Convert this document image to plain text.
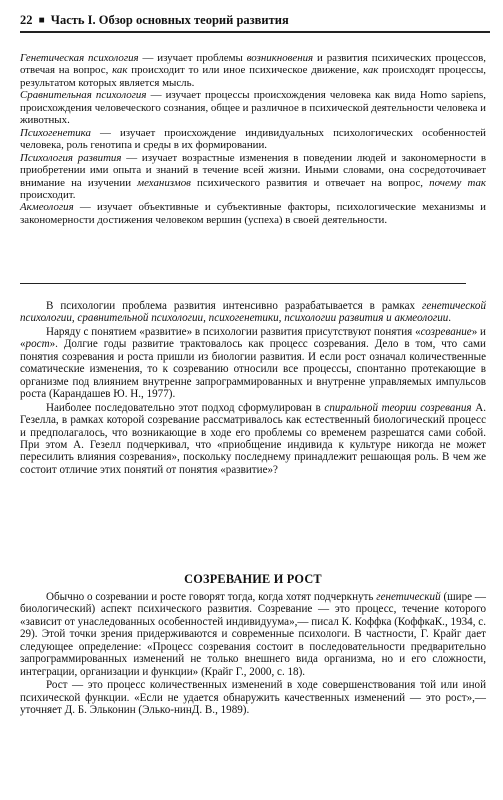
22 ■ Часть I. Обзор основных теорий развития

Генетическая психология — изучает проблемы возникновения и развития психических процессов, отвечая на вопрос, как происходит то или иное психическое движение, как происходят процессы, результатом которых является мысль.

Сравнительная психология — изучает процессы происхождения человека как вида Homo sapiens, происхождения человеческого сознания, общее и различное в психической деятельности человека и животных.

Психогенетика — изучает происхождение индивидуальных психологических особенностей человека, роль генотипа и среды в их формировании.

Психология развития — изучает возрастные изменения в поведении людей и закономерности в приобретении ими опыта и знаний в течение всей жизни. Иными словами, она сосредоточивает внимание на изучении механизмов психического развития и отвечает на вопрос, почему так происходит.

Акмеология — изучает объективные и субъективные факторы, психологические механизмы и закономерности достижения человеком вершин (успеха) в своей деятельности.

В психологии проблема развития интенсивно разрабатывается в рамках генетической психологии, сравнительной психологии, психогенетики, психологии развития и акмеологии.

Наряду с понятием «развитие» в психологии развития присутствуют понятия «созревание» и «рост». Долгие годы развитие трактовалось как процесс созревания. Дело в том, что сами понятия созревания и роста пришли из биологии развития. И если рост означал количественные соматические изменения, то к созреванию относили все процессы, спонтанно протекающие в организме под влиянием внутренне запрограммированных и внутренне управляемых импульсов роста (Карандашев Ю. Н., 1977).

Наиболее последовательно этот подход сформулирован в спиральной теории созревания А. Гезелла, в рамках которой созревание рассматривалось как естественный биологический процесс и предполагалось, что возникающие в ходе его проблемы со временем разрешатся сами собой. При этом А. Гезелл подчеркивал, что «приобщение индивида к культуре никогда не может пересилить влияния созревания», поскольку последнему принадлежит решающая роль. В чем же состоит отличие этих понятий от понятия «развитие»?

СОЗРЕВАНИЕ И РОСТ

Обычно о созревании и росте говорят тогда, когда хотят подчеркнуть генетический (шире — биологический) аспект психического развития. Созревание — это процесс, течение которого «зависит от унаследованных особенностей индивидуума»,— писал К. Коффка (КоффкаК., 1934, с. 29). Этой точки зрения придерживаются и современные психологи. В частности, Г. Крайг дает следующее определение: «Процесс созревания состоит в последовательности предварительно запрограммированных изменений не только внешнего вида организма, но и его сложности, интеграции, организации и функции» (Крайг Г., 2000, с. 18).

Рост — это процесс количественных изменений в ходе совершенствования той или иной психической функции. «Если не удается обнаружить качественных изменений — это рост»,— уточняет Д. Б. Эльконин (Элько-нинД. В., 1989).
